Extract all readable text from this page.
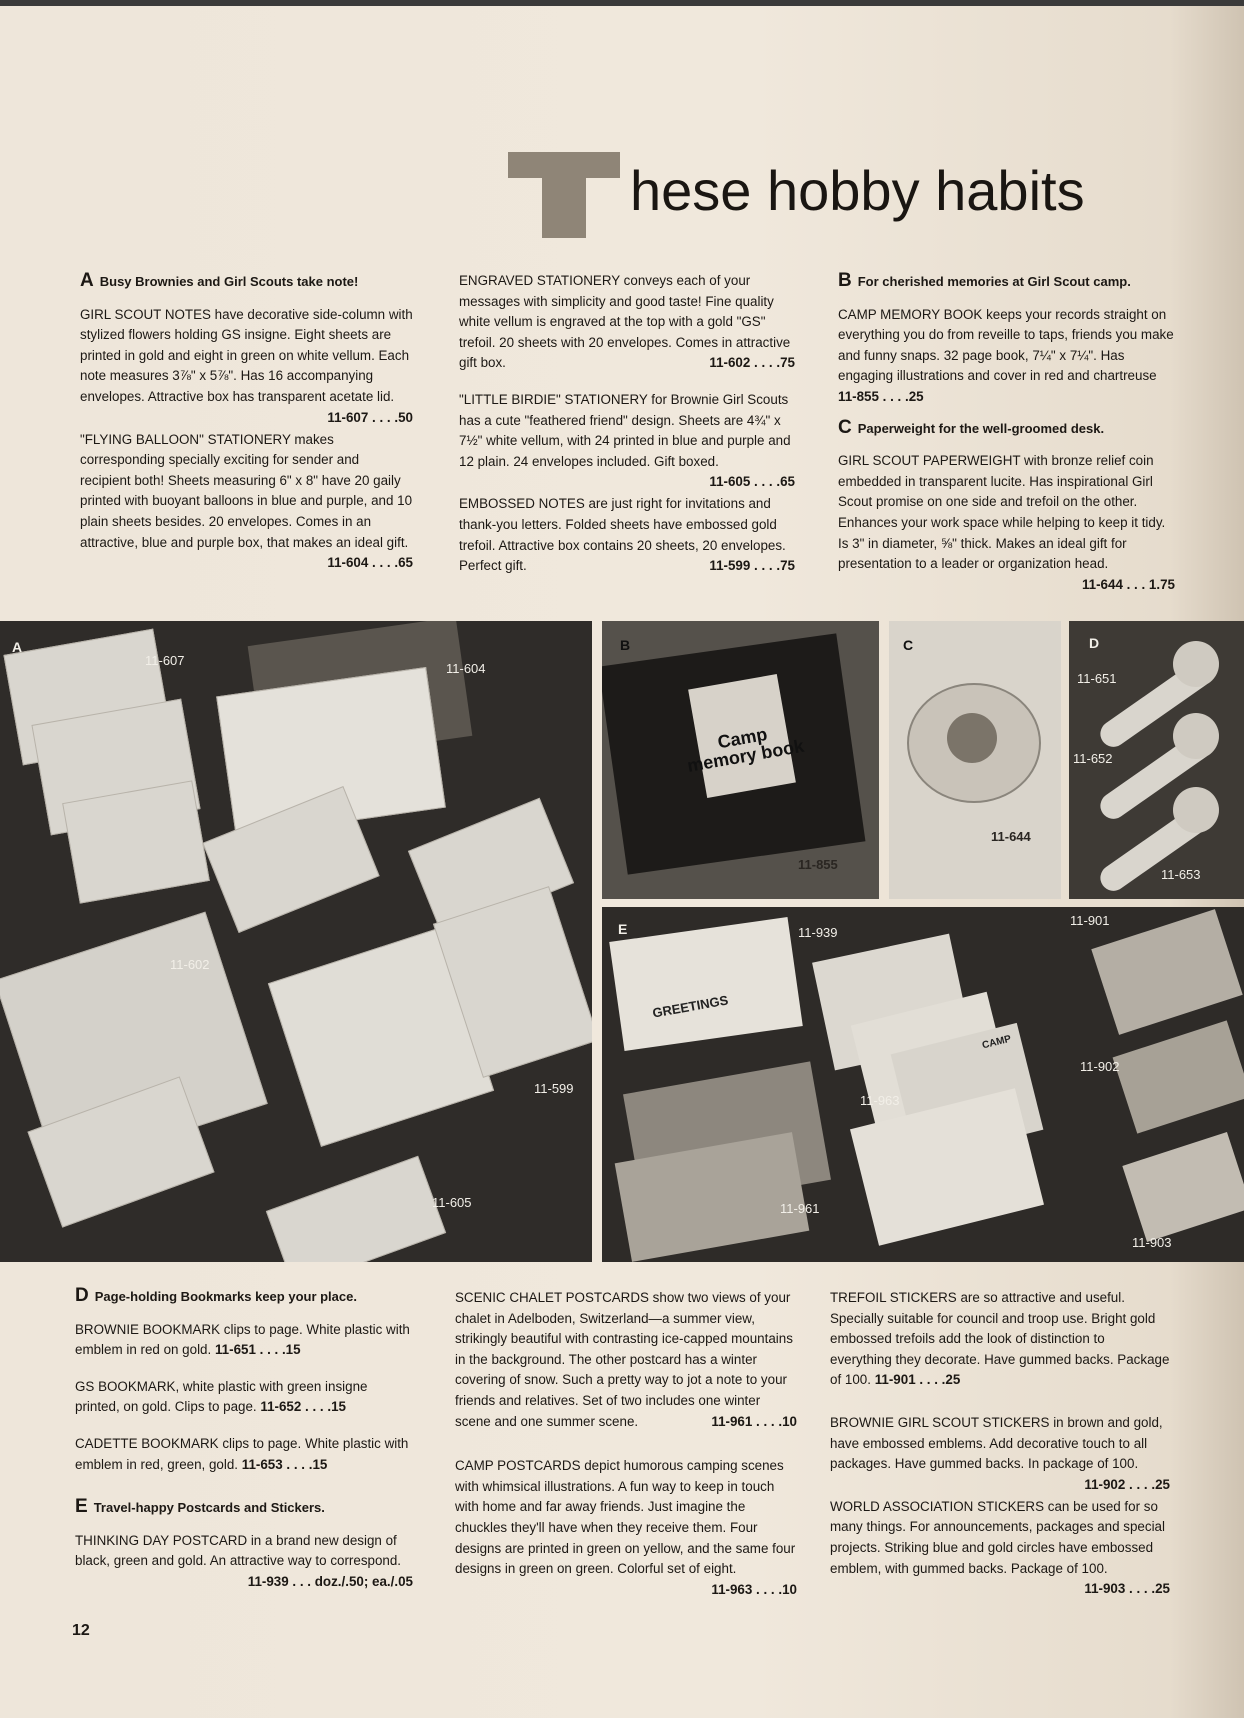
hese hobby habits
A Busy Brownies and Girl Scouts take note!

GIRL SCOUT NOTES have decorative side-column with stylized flowers holding GS insigne. Eight sheets are printed in gold and eight in green on white vellum. Each note measures 3⅞" x 5⅞". Has 16 accompanying envelopes. Attractive box has transparent acetate lid.
11-607 . . . .50

"FLYING BALLOON" STATIONERY makes corresponding specially exciting for sender and recipient both! Sheets measuring 6" x 8" have 20 gaily printed with buoyant balloons in blue and purple, and 10 plain sheets besides. 20 envelopes. Comes in an attractive, blue and purple box, that makes an ideal gift.
11-604 . . . .65

ENGRAVED STATIONERY conveys each of your messages with simplicity and good taste! Fine quality white vellum is engraved at the top with a gold "GS" trefoil. 20 sheets with 20 envelopes. Comes in attractive gift box.	11-602 . . . .75

"LITTLE BIRDIE" STATIONERY for Brownie Girl Scouts has a cute "feathered friend" design. Sheets are 4¾" x 7½" white vellum, with 24 printed in blue and purple and 12 plain. 24 envelopes included. Gift boxed.
11-605 . . . .65

EMBOSSED NOTES are just right for invitations and thank-you letters. Folded sheets have embossed gold trefoil. Attractive box contains 20 sheets, 20 envelopes. Perfect gift.	11-599 . . . .75

B For cherished memories at Girl Scout camp.

CAMP MEMORY BOOK keeps your records straight on everything you do from reveille to taps, friends you make and funny snaps. 32 page book, 7¼" x 7¼". Has engaging illustrations and cover in red and chartreuse 11-855 . . . .25

C Paperweight for the well-groomed desk.

GIRL SCOUT PAPERWEIGHT with bronze relief coin embedded in transparent lucite. Has inspirational Girl Scout promise on one side and trefoil on the other. Enhances your work space while helping to keep it tidy. Is 3" in diameter, ⅝" thick. Makes an ideal gift for presentation to a leader or organization head.
11-644 . . . 1.75

A
11-607
11-604
11-602
11-599
11-605
Camp memory book
B
11-855
C
11-644
D
11-651
11-652
11-653
GREETINGS
CAMP
E	11-939
11-901
11-902
11-963
11-961
11-903
D Page-holding Bookmarks keep your place.

BROWNIE BOOKMARK clips to page. White plastic with emblem in red on gold. 11-651 . . . .15

GS BOOKMARK, white plastic with green insigne printed, on gold. Clips to page. 11-652 . . . .15

CADETTE BOOKMARK clips to page. White plastic with emblem in red, green, gold. 11-653 . . . .15

E Travel-happy Postcards and Stickers.

THINKING DAY POSTCARD in a brand new design of black, green and gold. An attractive way to correspond.
11-939 . . . doz./.50; ea./.05

SCENIC CHALET POSTCARDS show two views of your chalet in Adelboden, Switzerland—a summer view, strikingly beautiful with contrasting ice-capped mountains in the background. The other postcard has a winter covering of snow. Such a pretty way to jot a note to your friends and relatives. Set of two includes one winter scene and one summer scene.	11-961 . . . .10

CAMP POSTCARDS depict humorous camping scenes with whimsical illustrations. A fun way to keep in touch with home and far away friends. Just imagine the chuckles they'll have when they receive them. Four designs are printed in green on yellow, and the same four designs in green on green. Colorful set of eight.
11-963 . . . .10

TREFOIL STICKERS are so attractive and useful. Specially suitable for council and troop use. Bright gold embossed trefoils add the look of distinction to everything they decorate. Have gummed backs. Package of 100. 11-901 . . . .25

BROWNIE GIRL SCOUT STICKERS in brown and gold, have embossed emblems. Add decorative touch to all packages. Have gummed backs. In package of 100.
11-902 . . . .25

WORLD ASSOCIATION STICKERS can be used for so many things. For announcements, packages and special projects. Striking blue and gold circles have embossed emblem, with gummed backs. Package of 100.
11-903 . . . .25

12
